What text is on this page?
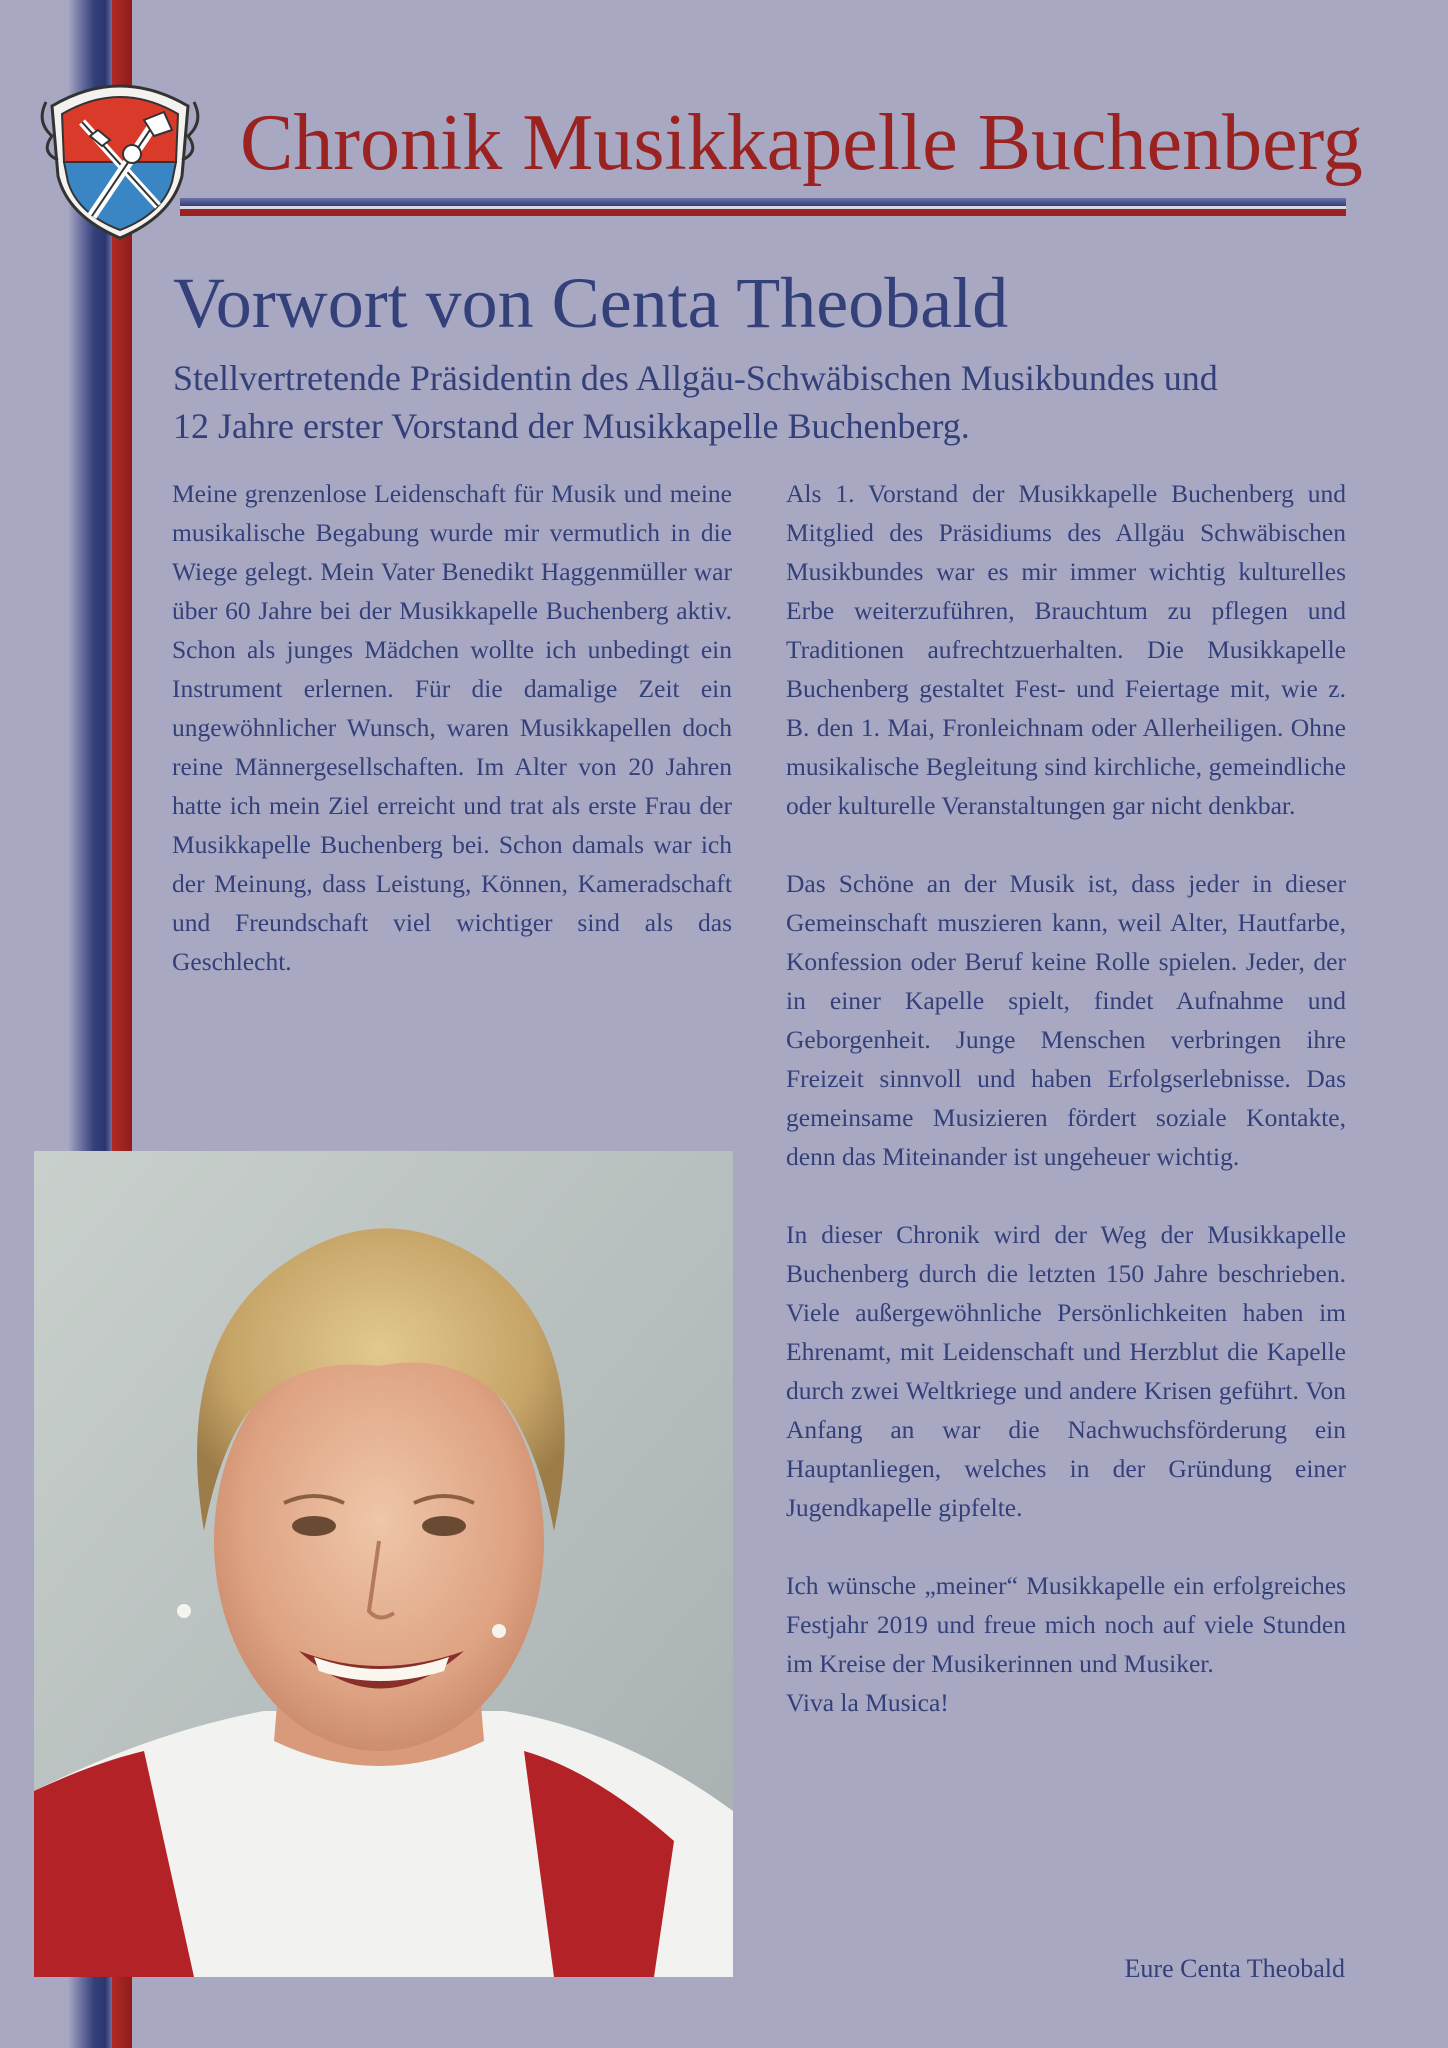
Chronik Musikkapelle Buchenberg
Vorwort von Centa Theobald

Stellvertretende Präsidentin des Allgäu-Schwäbischen Musikbundes und
12 Jahre erster Vorstand der Musikkapelle Buchenberg.

Meine grenzenlose Leidenschaft für Musik und meine musikalische Begabung wurde mir vermutlich in die Wiege gelegt. Mein Vater Benedikt Haggenmüller war über 60 Jahre bei der Musikkapelle Buchenberg aktiv. Schon als junges Mädchen wollte ich unbedingt ein Instrument erlernen. Für die damalige Zeit ein ungewöhnlicher Wunsch, waren Musikkapellen doch reine Männergesellschaften. Im Alter von 20 Jahren hatte ich mein Ziel erreicht und trat als erste Frau der Musikkapelle Buchenberg bei. Schon damals war ich der Meinung, dass Leistung, Können, Kameradschaft und Freundschaft viel wichtiger sind als das Geschlecht.

Als 1. Vorstand der Musikkapelle Buchenberg und Mitglied des Präsidiums des Allgäu Schwäbischen Musikbundes war es mir immer wichtig kulturelles Erbe weiterzuführen, Brauchtum zu pflegen und Traditionen aufrechtzuerhalten. Die Musikkapelle Buchenberg gestaltet Fest- und Feiertage mit, wie z. B. den 1. Mai, Fronleichnam oder Allerheiligen. Ohne musikalische Begleitung sind kirchliche, gemeindliche oder kulturelle Veranstaltungen gar nicht denkbar.

Das Schöne an der Musik ist, dass jeder in dieser Gemeinschaft muszieren kann, weil Alter, Hautfarbe, Konfession oder Beruf keine Rolle spielen. Jeder, der in einer Kapelle spielt, findet Aufnahme und Geborgenheit. Junge Menschen verbringen ihre Freizeit sinnvoll und haben Erfolgserlebnisse. Das gemeinsame Musizieren fördert soziale Kontakte, denn das Miteinander ist ungeheuer wichtig.

In dieser Chronik wird der Weg der Musikkapelle Buchenberg durch die letzten 150 Jahre beschrieben. Viele außergewöhnliche Persönlichkeiten haben im Ehrenamt, mit Leidenschaft und Herzblut die Kapelle durch zwei Weltkriege und andere Krisen geführt. Von Anfang an war die Nachwuchsförderung ein Hauptanliegen, welches in der Gründung einer Jugendkapelle gipfelte.

Ich wünsche „meiner“ Musikkapelle ein erfolgreiches Festjahr 2019 und freue mich noch auf viele Stunden im Kreise der Musikerinnen und Musiker.

Viva la Musica!

Eure Centa Theobald
